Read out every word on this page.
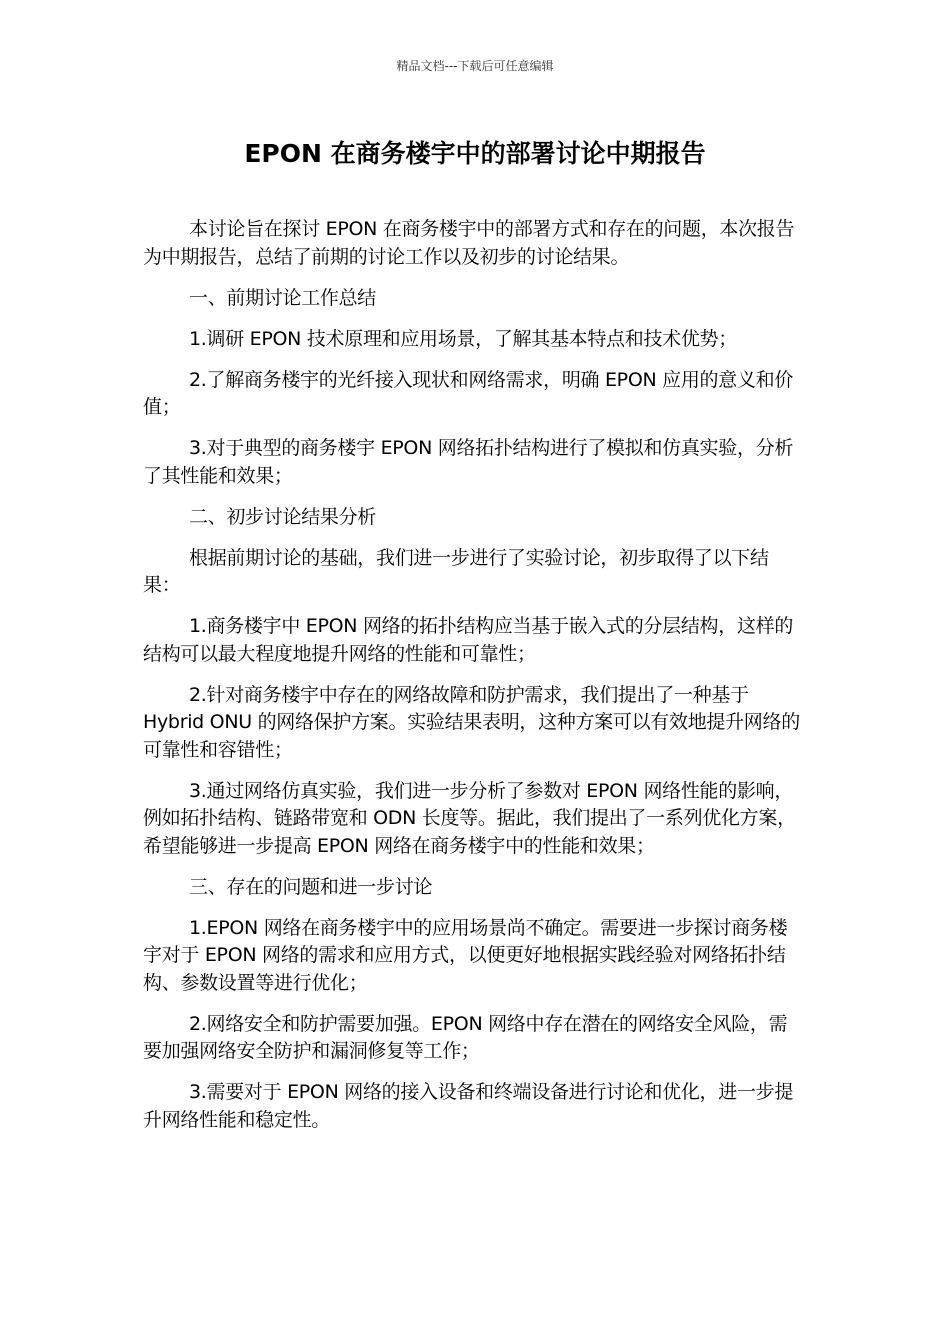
精品文档---下载后可任意编辑
EPON 在商务楼宇中的部署讨论中期报告

本讨论旨在探讨 EPON 在商务楼宇中的部署方式和存在的问题，本次报告为中期报告，总结了前期的讨论工作以及初步的讨论结果。

一、前期讨论工作总结

1.调研 EPON 技术原理和应用场景，了解其基本特点和技术优势；

2.了解商务楼宇的光纤接入现状和网络需求，明确 EPON 应用的意义和价值；

3.对于典型的商务楼宇 EPON 网络拓扑结构进行了模拟和仿真实验，分析了其性能和效果；

二、初步讨论结果分析

根据前期讨论的基础，我们进一步进行了实验讨论，初步取得了以下结果：

1.商务楼宇中 EPON 网络的拓扑结构应当基于嵌入式的分层结构，这样的结构可以最大程度地提升网络的性能和可靠性；

2.针对商务楼宇中存在的网络故障和防护需求，我们提出了一种基于 Hybrid ONU 的网络保护方案。实验结果表明，这种方案可以有效地提升网络的可靠性和容错性；

3.通过网络仿真实验，我们进一步分析了参数对 EPON 网络性能的影响，例如拓扑结构、链路带宽和 ODN 长度等。据此，我们提出了一系列优化方案，希望能够进一步提高 EPON 网络在商务楼宇中的性能和效果；

三、存在的问题和进一步讨论

1.EPON 网络在商务楼宇中的应用场景尚不确定。需要进一步探讨商务楼宇对于 EPON 网络的需求和应用方式，以便更好地根据实践经验对网络拓扑结构、参数设置等进行优化；

2.网络安全和防护需要加强。EPON 网络中存在潜在的网络安全风险，需要加强网络安全防护和漏洞修复等工作；

3.需要对于 EPON 网络的接入设备和终端设备进行讨论和优化，进一步提升网络性能和稳定性。
